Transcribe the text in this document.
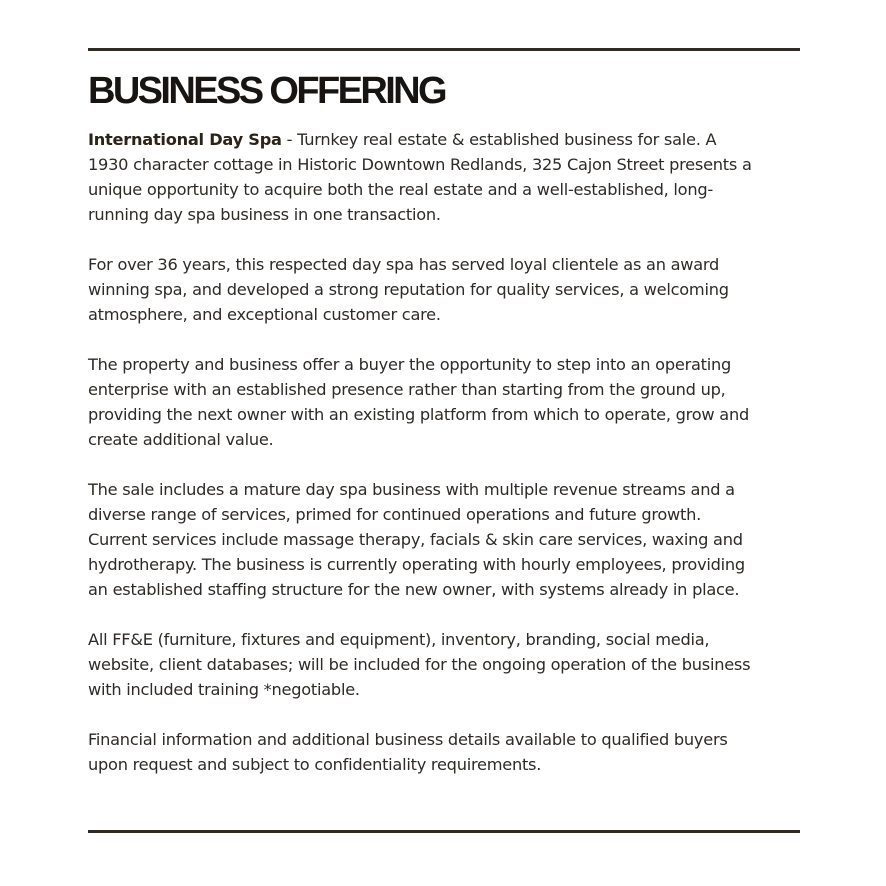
BUSINESS OFFERING

International Day Spa - Turnkey real estate & established business for sale. A 1930 character cottage in Historic Downtown Redlands, 325 Cajon Street presents a unique opportunity to acquire both the real estate and a well-established, long-running day spa business in one transaction.

For over 36 years, this respected day spa has served loyal clientele as an award winning spa, and developed a strong reputation for quality services, a welcoming atmosphere, and exceptional customer care.

The property and business offer a buyer the opportunity to step into an operating enterprise with an established presence rather than starting from the ground up, providing the next owner with an existing platform from which to operate, grow and create additional value.

The sale includes a mature day spa business with multiple revenue streams and a diverse range of services, primed for continued operations and future growth. Current services include massage therapy, facials & skin care services, waxing and hydrotherapy. The business is currently operating with hourly employees, providing an established staffing structure for the new owner, with systems already in place.

All FF&E (furniture, fixtures and equipment), inventory, branding, social media, website, client databases; will be included for the ongoing operation of the business with included training *negotiable.

Financial information and additional business details available to qualified buyers upon request and subject to confidentiality requirements.
